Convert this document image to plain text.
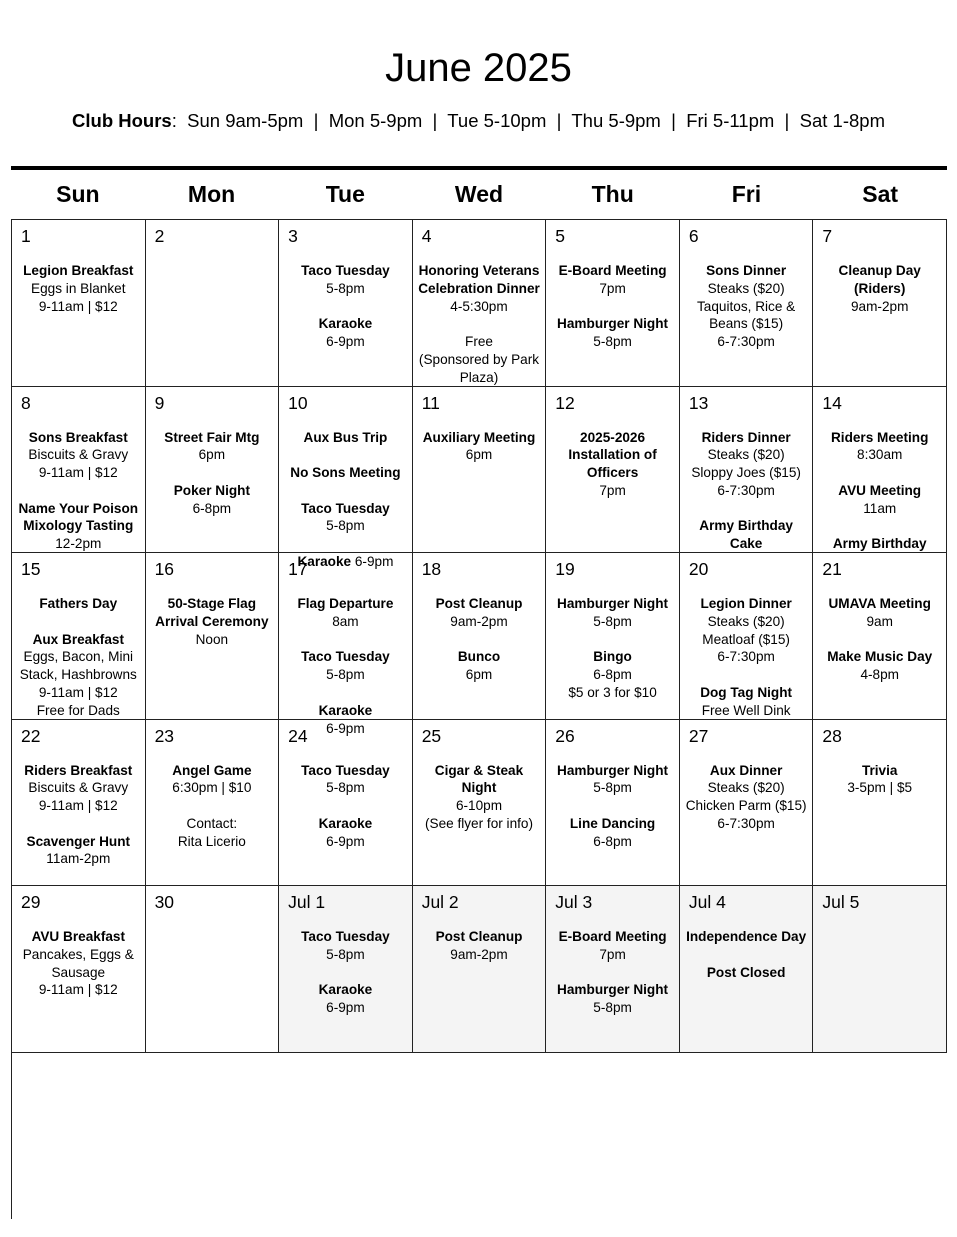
June 2025
Club Hours:  Sun 9am-5pm  |  Mon 5-9pm  |  Tue 5-10pm  |  Thu 5-9pm  |  Fri 5-11pm  |  Sat 1-8pm
Sun	Mon	Tue	Wed	Thu	Fri	Sat
1
Legion Breakfast
Eggs in Blanket
9-11am | $12
2	3
Taco Tuesday
5-8pm
Karaoke
6-9pm
4
Honoring Veterans
Celebration Dinner
4-5:30pm
Free
(Sponsored by Park
Plaza)
5
E-Board Meeting
7pm
Hamburger Night
5-8pm
6
Sons Dinner
Steaks ($20)
Taquitos, Rice &
Beans ($15)
6-7:30pm
7
Cleanup Day
(Riders)
9am-2pm
8
Sons Breakfast
Biscuits & Gravy
9-11am | $12
Name Your Poison
Mixology Tasting
12-2pm
9
Street Fair Mtg
6pm
Poker Night
6-8pm
10
Aux Bus Trip
No Sons Meeting
Taco Tuesday
5-8pm
Karaoke 6-9pm
11
Auxiliary Meeting
6pm
12
2025-2026
Installation of
Officers
7pm
13
Riders Dinner
Steaks ($20)
Sloppy Joes ($15)
6-7:30pm
Army Birthday
Cake
14
Riders Meeting
8:30am
AVU Meeting
11am
Army Birthday
15
Fathers Day
Aux Breakfast
Eggs, Bacon, Mini
Stack, Hashbrowns
9-11am | $12
Free for Dads
16
50-Stage Flag
Arrival Ceremony
Noon
17
Flag Departure
8am
Taco Tuesday
5-8pm
Karaoke
6-9pm
18
Post Cleanup
9am-2pm
Bunco
6pm
19
Hamburger Night
5-8pm
Bingo
6-8pm
$5 or 3 for $10
20
Legion Dinner
Steaks ($20)
Meatloaf ($15)
6-7:30pm
Dog Tag Night
Free Well Dink
21
UMAVA Meeting
9am
Make Music Day
4-8pm
22
Riders Breakfast
Biscuits & Gravy
9-11am | $12
Scavenger Hunt
11am-2pm
23
Angel Game
6:30pm | $10
Contact:
Rita Licerio
24
Taco Tuesday
5-8pm
Karaoke
6-9pm
25
Cigar & Steak
Night
6-10pm
(See flyer for info)
26
Hamburger Night
5-8pm
Line Dancing
6-8pm
27
Aux Dinner
Steaks ($20)
Chicken Parm ($15)
6-7:30pm
28
Trivia
3-5pm | $5
29
AVU Breakfast
Pancakes, Eggs &
Sausage
9-11am | $12
30	Jul 1
Taco Tuesday
5-8pm
Karaoke
6-9pm
Jul 2
Post Cleanup
9am-2pm
Jul 3
E-Board Meeting
7pm
Hamburger Night
5-8pm
Jul 4
Independence Day
Post Closed
Jul 5
